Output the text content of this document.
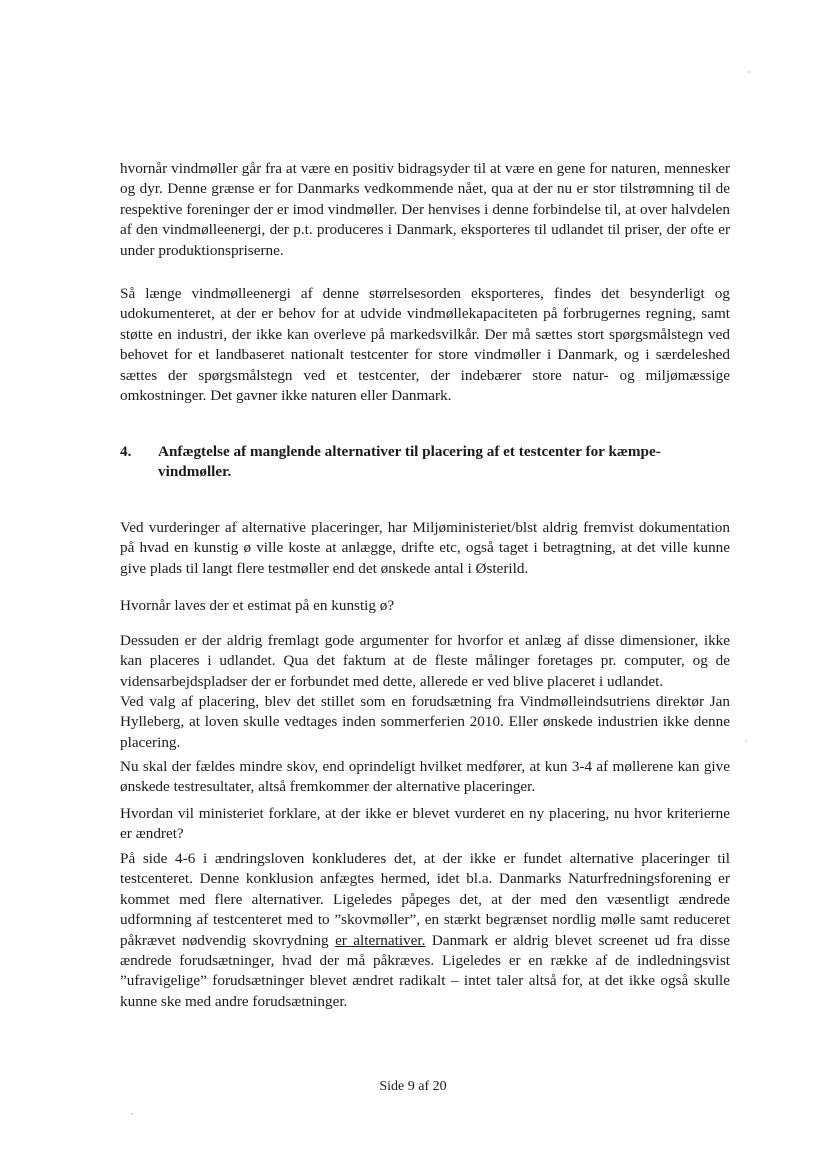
hvornår vindmøller går fra at være en positiv bidragsyder til at være en gene for naturen, mennesker og dyr. Denne grænse er for Danmarks vedkommende nået, qua at der nu er stor tilstrømning til de respektive foreninger der er imod vindmøller. Der henvises i denne forbindelse til, at over halvdelen af den vindmølleenergi, der p.t. produceres i Danmark, eksporteres til udlandet til priser, der ofte er under produktionspriserne.

Så længe vindmølleenergi af denne størrelsesorden eksporteres, findes det besynderligt og udokumenteret, at der er behov for at udvide vindmøllekapaciteten på forbrugernes regning, samt støtte en industri, der ikke kan overleve på markedsvilkår. Der må sættes stort spørgsmålstegn ved behovet for et landbaseret nationalt testcenter for store vindmøller i Danmark, og i særdeleshed sættes der spørgsmålstegn ved et testcenter, der indebærer store natur- og miljømæssige omkostninger. Det gavner ikke naturen eller Danmark.

4.	Anfægtelse af manglende alternativer til placering af et testcenter for kæmpe-
vindmøller.

Ved vurderinger af alternative placeringer, har Miljøministeriet/blst aldrig fremvist dokumentation på hvad en kunstig ø ville koste at anlægge, drifte etc, også taget i betragtning, at det ville kunne give plads til langt flere testmøller end det ønskede antal i Østerild.

Hvornår laves der et estimat på en kunstig ø?

Dessuden er der aldrig fremlagt gode argumenter for hvorfor et anlæg af disse dimensioner, ikke kan placeres i udlandet. Qua det faktum at de fleste målinger foretages pr. computer, og de vidensarbejdspladser der er forbundet med dette, allerede er ved blive placeret i udlandet.

Ved valg af placering, blev det stillet som en forudsætning fra Vindmølleindsutriens direktør Jan Hylleberg, at loven skulle vedtages inden sommerferien 2010. Eller ønskede industrien ikke denne placering.

Nu skal der fældes mindre skov, end oprindeligt hvilket medfører, at kun 3-4 af møllerene kan give ønskede testresultater, altså fremkommer der alternative placeringer.

Hvordan vil ministeriet forklare, at der ikke er blevet vurderet en ny placering, nu hvor kriterierne er ændret?

På side 4-6 i ændringsloven konkluderes det, at der ikke er fundet alternative placeringer til testcenteret. Denne konklusion anfægtes hermed, idet bl.a. Danmarks Naturfredningsforening er kommet med flere alternativer. Ligeledes påpeges det, at der med den væsentligt ændrede udformning af testcenteret med to ”skovmøller”, en stærkt begrænset nordlig mølle samt reduceret påkrævet nødvendig skovrydning er alternativer. Danmark er aldrig blevet screenet ud fra disse ændrede forudsætninger, hvad der må påkræves. Ligeledes er en række af de indledningsvist ”ufravigelige” forudsætninger blevet ændret radikalt – intet taler altså for, at det ikke også skulle kunne ske med andre forudsætninger.

Side 9 af 20
